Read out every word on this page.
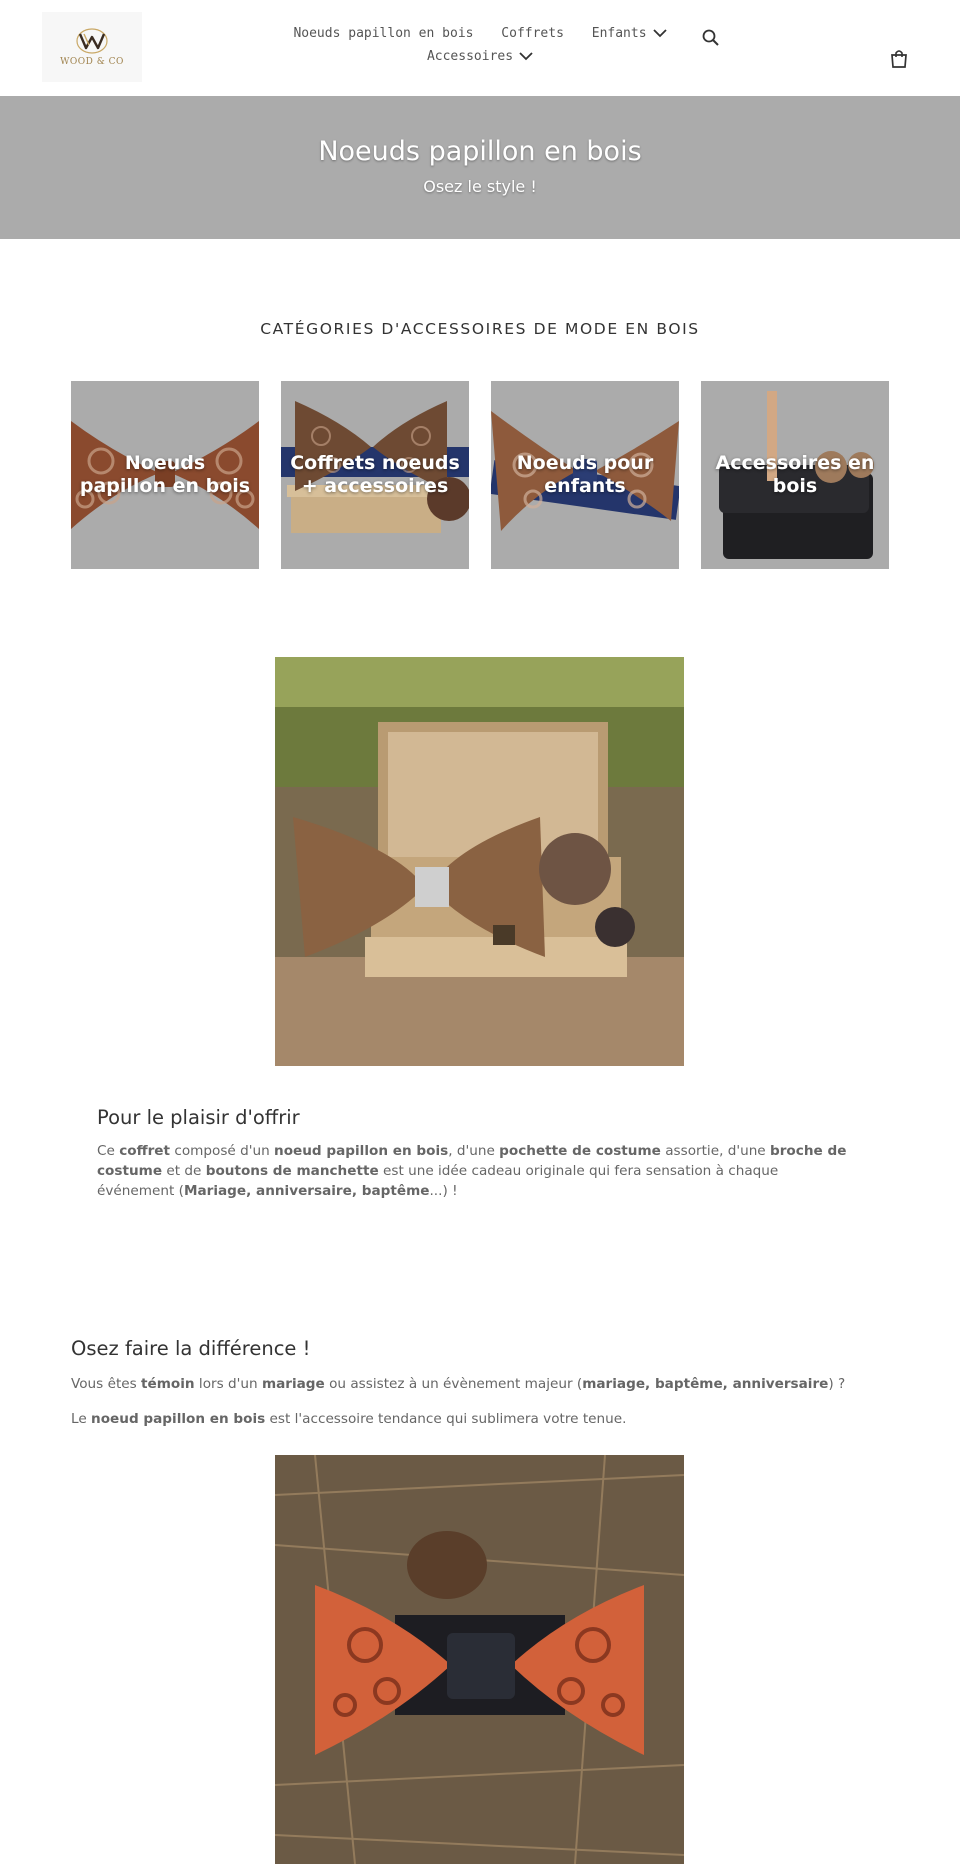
WOOD & CO
Noeuds papillon en bois
Coffrets
Enfants

Accessoires
Noeuds papillon en bois
Osez le style !
CATÉGORIES D'ACCESSOIRES DE MODE EN BOIS
Noeuds papillon en bois
Coffrets noeuds + accessoires
Noeuds pour enfants
Accessoires en bois
Pour le plaisir d'offrir

Ce coffret composé d'un noeud papillon en bois, d'une pochette de costume assortie, d'une broche de costume et de boutons de manchette est une idée cadeau originale qui fera sensation à chaque événement (Mariage, anniversaire, baptême...) !

Osez faire la différence !

Vous êtes témoin lors d'un mariage ou assistez à un évènement majeur (mariage, baptême, anniversaire) ?

Le noeud papillon en bois est l'accessoire tendance qui sublimera votre tenue.
